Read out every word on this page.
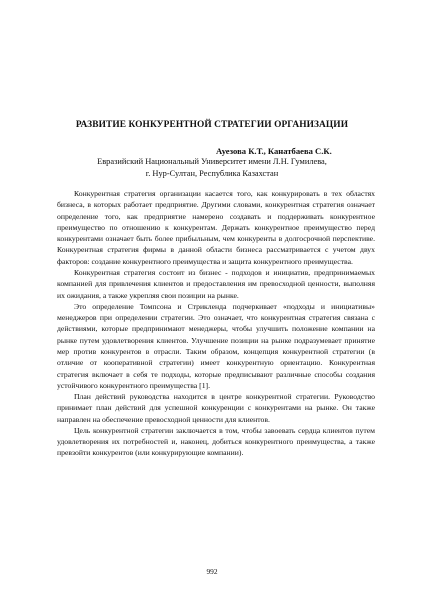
РАЗВИТИЕ КОНКУРЕНТНОЙ СТРАТЕГИИ ОРГАНИЗАЦИИ
Ауезова К.Т., Канатбаева С.К.
Евразийский Национальный Университет имени Л.Н. Гумилева,
г. Нур-Султан, Республика Казахстан

Конкурентная стратегия организации касается того, как конкурировать в тех областях бизнеса, в которых работает предприятие. Другими словами, конкурентная стратегия означает определение того, как предприятие намерено создавать и поддерживать конкурентное преимущество по отношению к конкурентам. Держать конкурентное преимущество перед конкурентами означает быть более прибыльным, чем конкуренты в долгосрочной перспективе. Конкурентная стратегия фирмы в данной области бизнеса рассматривается с учетом двух факторов: создание конкурентного преимущества и защита конкурентного преимущества.

Конкурентная стратегия состоит из бизнес - подходов и инициатив, предпринимаемых компанией для привлечения клиентов и предоставления им превосходной ценности, выполняя их ожидания, а также укрепляя свои позиции на рынке.

Это определение Томпсона и Стрикленда подчеркивает «подходы и инициативы» менеджеров при определении стратегии. Это означает, что конкурентная стратегия связана с действиями, которые предпринимают менеджеры, чтобы улучшить положение компании на рынке путем удовлетворения клиентов. Улучшение позиции на рынке подразумевает принятие мер против конкурентов в отрасли. Таким образом, концепция конкурентной стратегии (в отличие от кооперативной стратегии) имеет конкурентную ориентацию. Конкурентная стратегия включает в себя те подходы, которые предписывают различные способы создания устойчивого конкурентного преимущества [1].

План действий руководства находится в центре конкурентной стратегии. Руководство принимает план действий для успешной конкуренции с конкурентами на рынке. Он также направлен на обеспечение превосходной ценности для клиентов.

Цель конкурентной стратегии заключается в том, чтобы завоевать сердца клиентов путем удовлетворения их потребностей и, наконец, добиться конкурентного преимущества, а также превзойти конкурентов (или конкурирующие компании).

992
